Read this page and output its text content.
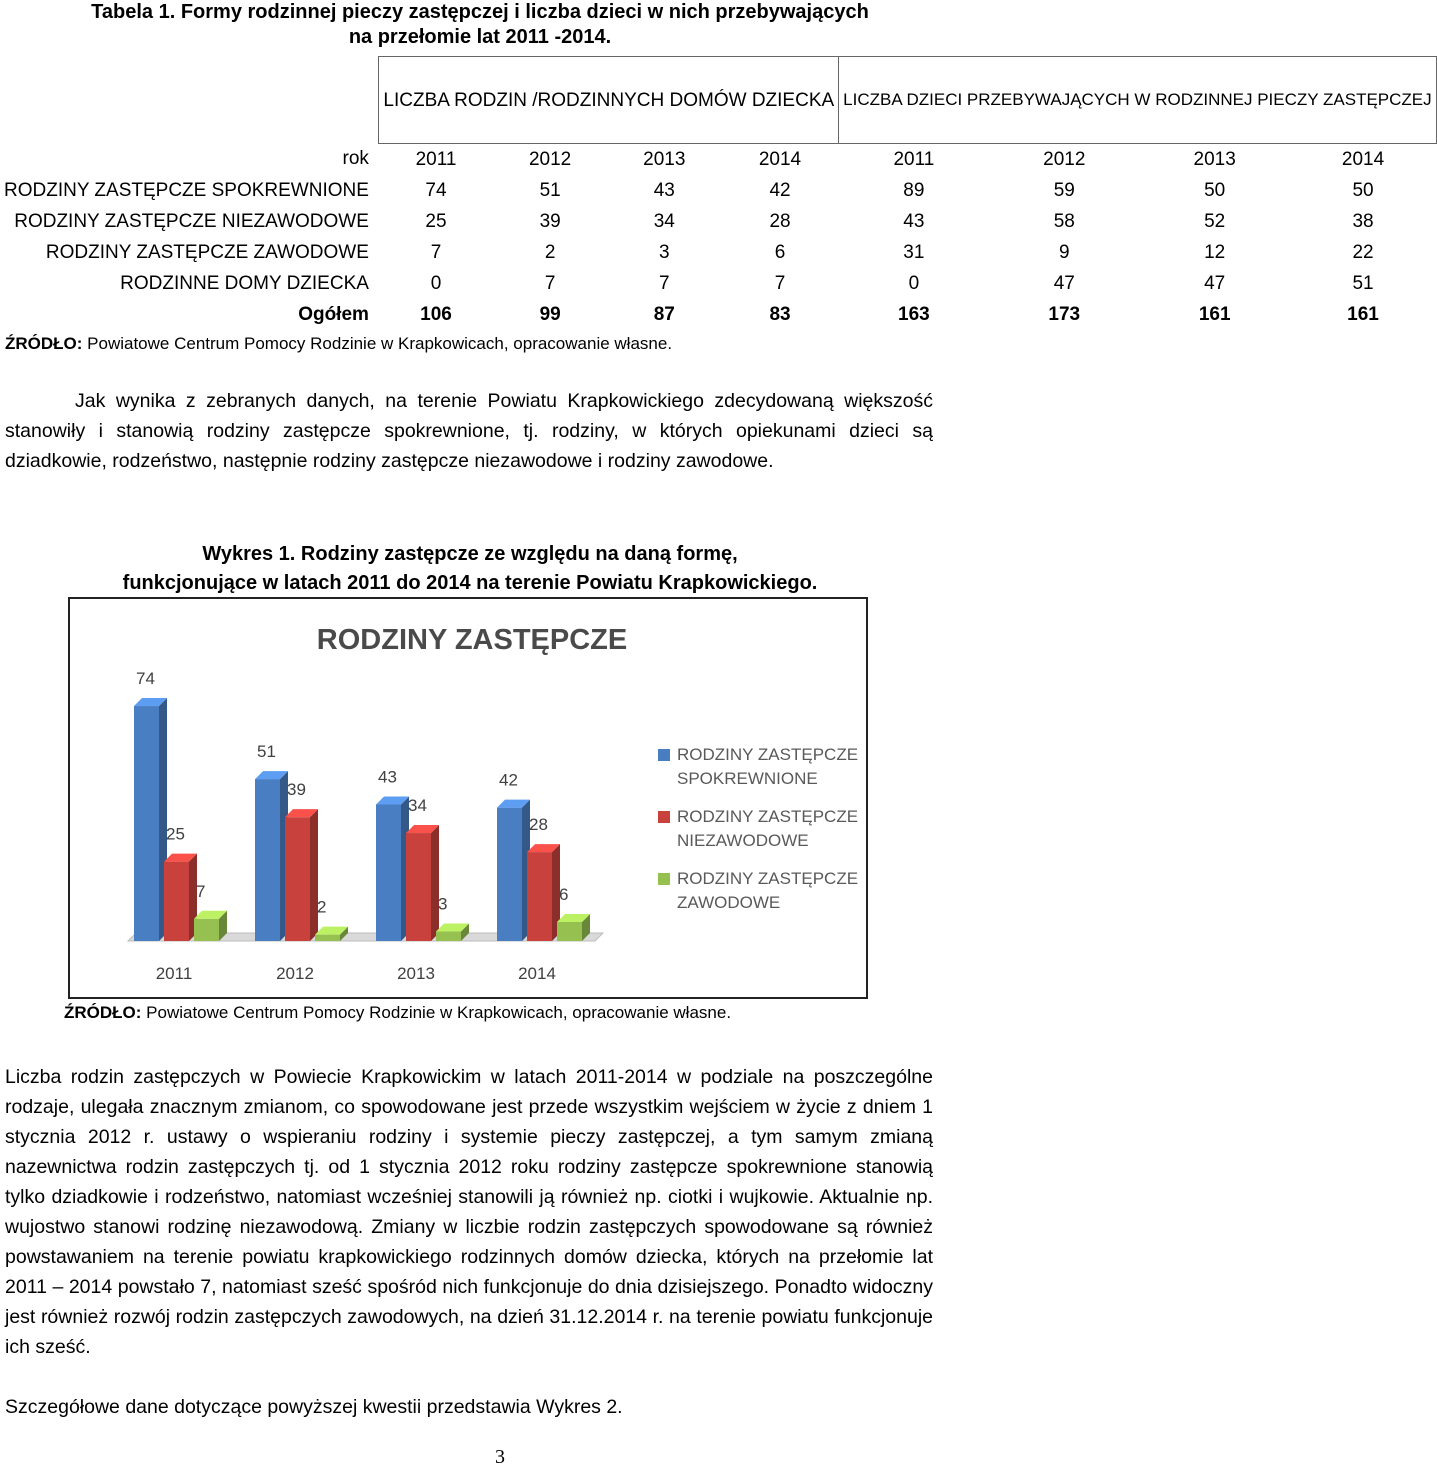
Tabela 1. Formy rodzinnej pieczy zastępczej i liczba dzieci w nich przebywających
na przełomie lat 2011 -2014.
	LICZBA RODZIN /RODZINNYCH DOMÓW DZIECKA				LICZBA DZIECI PRZEBYWAJĄCYCH W RODZINNEJ PIECZY ZASTĘPCZEJ			
rok	2011	2012	2013	2014	2011	2012	2013	2014
RODZINY ZASTĘPCZE SPOKREWNIONE	74	51	43	42	89	59	50	50
RODZINY ZASTĘPCZE NIEZAWODOWE	25	39	34	28	43	58	52	38
RODZINY ZASTĘPCZE ZAWODOWE	7	2	3	6	31	9	12	22
RODZINNE DOMY DZIECKA	0	7	7	7	0	47	47	51
Ogółem	106	99	87	83	163	173	161	161
ŹRÓDŁO: Powiatowe Centrum Pomocy Rodzinie w Krapkowicach, opracowanie własne.
Jak wynika z zebranych danych, na terenie Powiatu Krapkowickiego zdecydowaną większość stanowiły i stanowią rodziny zastępcze spokrewnione, tj. rodziny, w których opiekunami dzieci są dziadkowie, rodzeństwo, następnie rodziny zastępcze niezawodowe i rodziny zawodowe.
Wykres 1. Rodziny zastępcze ze względu na daną formę,
funkcjonujące w latach 2011 do 2014 na terenie Powiatu Krapkowickiego.
RODZINY ZASTĘPCZE
74
25
7
51
39
2
43
34
3
42
28
6
2011	2012	2013	2014
RODZINY ZASTĘPCZE SPOKREWNIONE
RODZINY ZASTĘPCZE NIEZAWODOWE
RODZINY ZASTĘPCZE ZAWODOWE
ŹRÓDŁO: Powiatowe Centrum Pomocy Rodzinie w Krapkowicach, opracowanie własne.
Liczba rodzin zastępczych w Powiecie Krapkowickim w latach 2011-2014 w podziale na poszczególne rodzaje, ulegała znacznym zmianom, co spowodowane jest przede wszystkim wejściem w życie z dniem 1 stycznia 2012 r. ustawy o wspieraniu rodziny i systemie pieczy zastępczej, a tym samym zmianą nazewnictwa rodzin zastępczych tj. od 1 stycznia 2012 roku rodziny zastępcze spokrewnione stanowią tylko dziadkowie i rodzeństwo, natomiast wcześniej stanowili ją również np. ciotki i wujkowie. Aktualnie np. wujostwo stanowi rodzinę niezawodową. Zmiany w liczbie rodzin zastępczych spowodowane są również powstawaniem na terenie powiatu krapkowickiego rodzinnych domów dziecka, których na przełomie lat 2011 – 2014 powstało 7, natomiast sześć spośród nich funkcjonuje do dnia dzisiejszego. Ponadto widoczny jest również rozwój rodzin zastępczych zawodowych, na dzień 31.12.2014 r. na terenie powiatu funkcjonuje ich sześć.
Szczegółowe dane dotyczące powyższej kwestii przedstawia Wykres 2.
3
